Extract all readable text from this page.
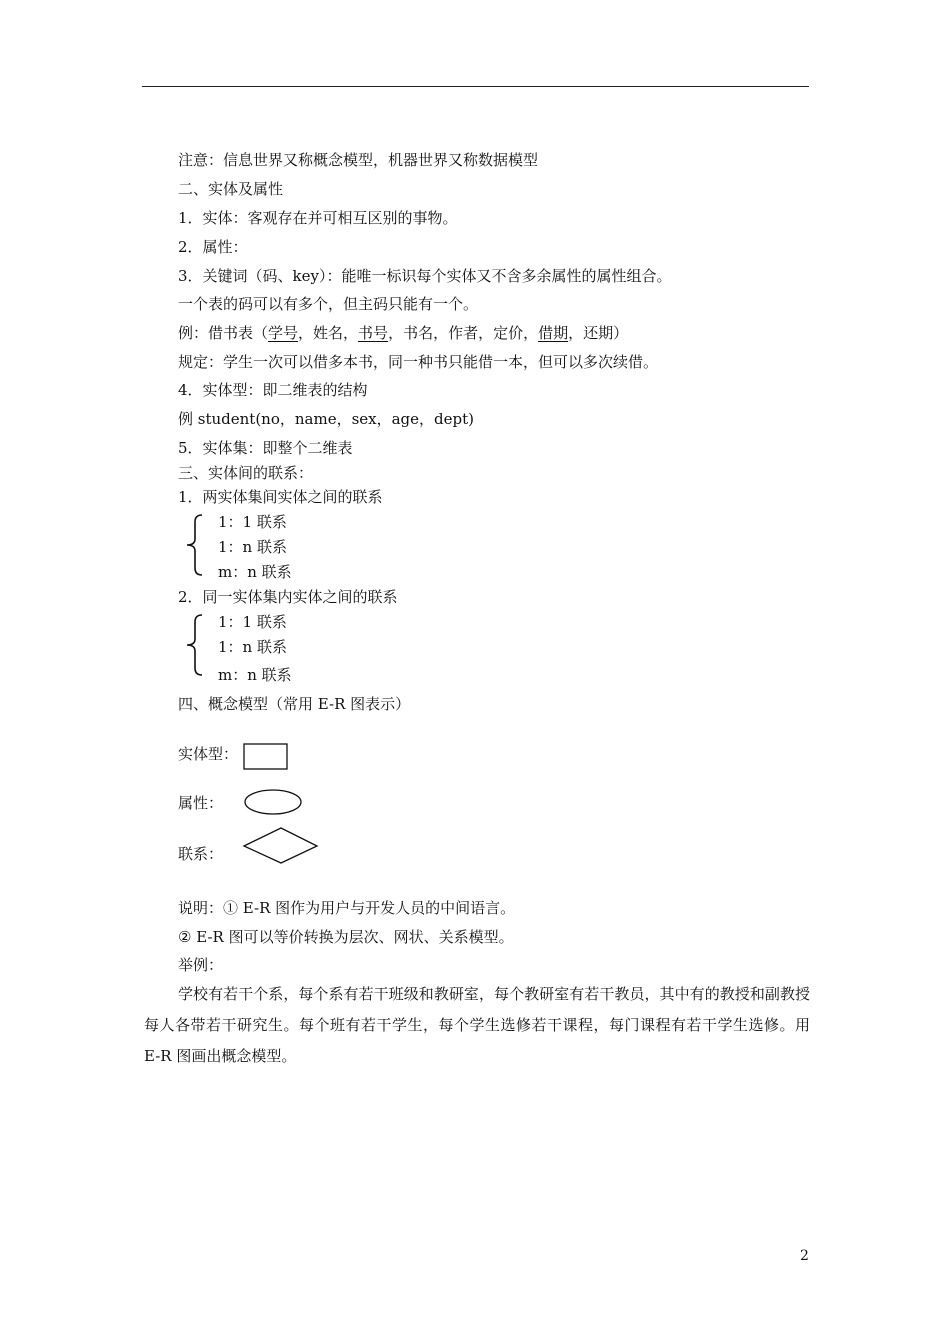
注意：信息世界又称概念模型，机器世界又称数据模型
二、实体及属性
1．实体：客观存在并可相互区别的事物。
2．属性：
3．关键词（码、key）：能唯一标识每个实体又不含多余属性的属性组合。
一个表的码可以有多个，但主码只能有一个。
例：借书表（学号，姓名，书号，书名，作者，定价，借期，还期）
规定：学生一次可以借多本书，同一种书只能借一本，但可以多次续借。
4．实体型：即二维表的结构
例 student(no，name，sex，age，dept)
5．实体集：即整个二维表
三、实体间的联系：
1．两实体集间实体之间的联系
1：1 联系
1：n 联系
m：n 联系
2．同一实体集内实体之间的联系
1：1 联系
1：n 联系
m：n 联系
四、概念模型（常用 E-R 图表示）
实体型：
属性：
联系：
说明：① E-R 图作为用户与开发人员的中间语言。
② E-R 图可以等价转换为层次、网状、关系模型。
举例：
学校有若干个系，每个系有若干班级和教研室，每个教研室有若干教员，其中有的教授和副教授每人各带若干研究生。每个班有若干学生，每个学生选修若干课程，每门课程有若干学生选修。用 E-R 图画出概念模型。
2
